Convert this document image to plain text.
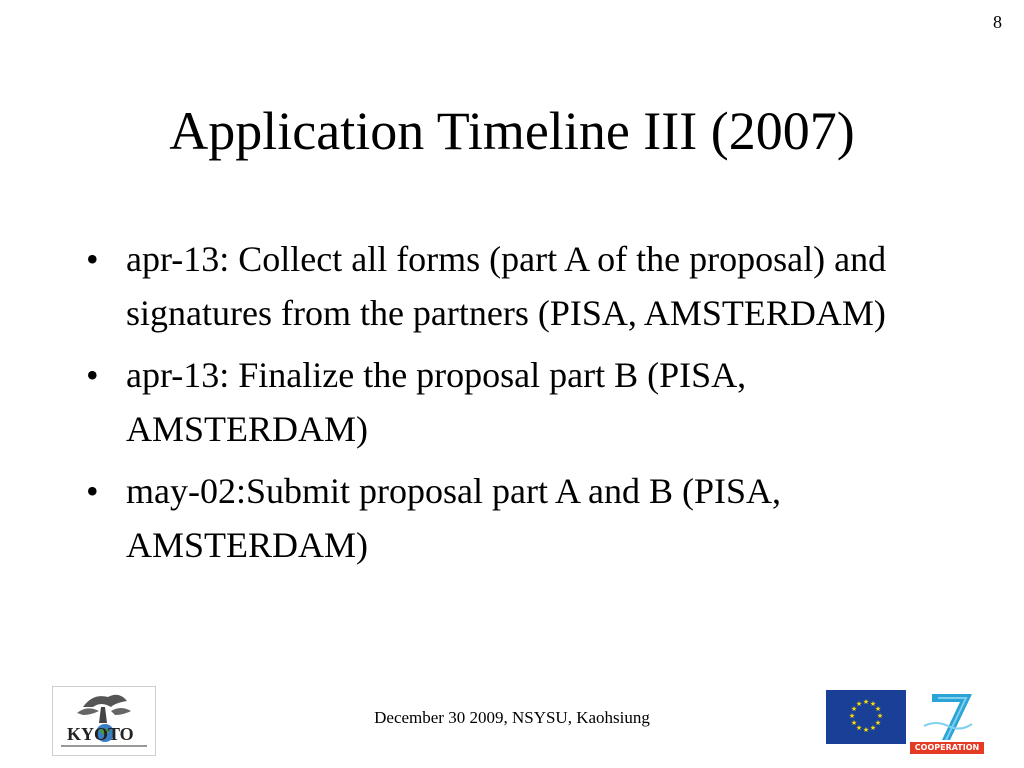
8
Application Timeline III (2007)
• apr-13: Collect all forms (part A of the proposal) and signatures from the partners (PISA, AMSTERDAM)
• apr-13: Finalize the proposal part B (PISA, AMSTERDAM)
• may-02:Submit proposal part A and B (PISA, AMSTERDAM)
KYOTO
December 30 2009, NSYSU, Kaohsiung
★ ★
★
★
★
★
★
★
★
★
★
★
COOPERATION
